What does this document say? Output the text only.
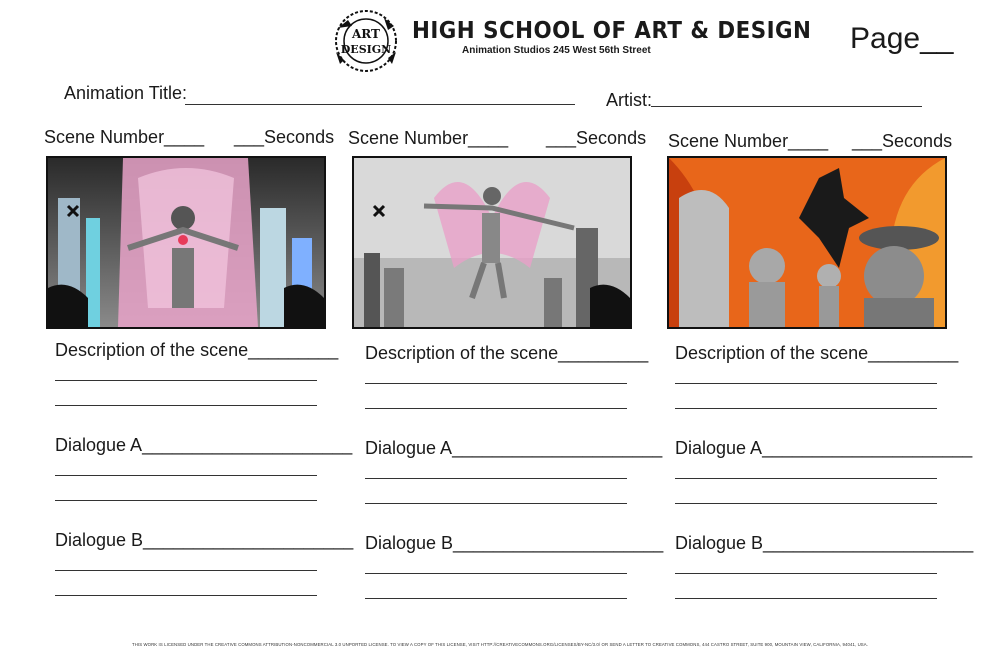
ART
DESIGN
HIGH SCHOOL OF ART & DESIGN
Animation Studios 245 West 56th Street	Page__
Animation Title:	Artist:
Scene Number____ ___Seconds
Description of the scene_________
Dialogue A_____________________
Dialogue B_____________________
Scene Number____ ___Seconds
Description of the scene_________
Dialogue A_____________________
Dialogue B_____________________
Scene Number____ ___Seconds
Description of the scene_________
Dialogue A_____________________
Dialogue B_____________________
THIS WORK IS LICENSED UNDER THE CREATIVE COMMONS ATTRIBUTION-NONCOMMERCIAL 3.0 UNPORTED LICENSE. TO VIEW A COPY OF THIS LICENSE, VISIT HTTP://CREATIVECOMMONS.ORG/LICENSES/BY-NC/3.0/ OR SEND A LETTER TO CREATIVE COMMONS, 444 CASTRO STREET, SUITE 900, MOUNTAIN VIEW, CALIFORNIA, 94041, USA.
